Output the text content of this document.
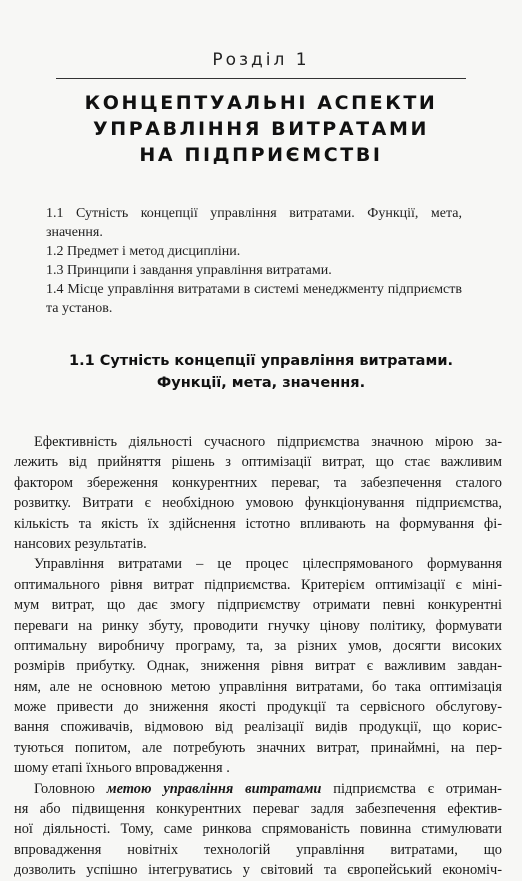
Розділ 1
КОНЦЕПТУАЛЬНІ АСПЕКТИ
УПРАВЛІННЯ ВИТРАТАМИ
НА ПІДПРИЄМСТВІ
1.1 Сутність концепції управління витратами. Функції, мета, значення.
1.2 Предмет і метод дисципліни.
1.3 Принципи і завдання управління витратами.
1.4 Місце управління витратами в системі менеджменту підприємств та установ.
1.1 Сутність концепції управління витратами.
Функції, мета, значення.
Ефективність діяльності сучасного підприємства значною мірою за-
лежить від прийняття рішень з оптимізації витрат, що стає важливим
фактором збереження конкурентних переваг, та забезпечення сталого
розвитку. Витрати є необхідною умовою функціонування підприємства,
кількість та якість їх здійснення істотно впливають на формування фі-
нансових результатів.
Управління витратами – це процес цілеспрямованого формування
оптимального рівня витрат підприємства. Критерієм оптимізації є міні-
мум витрат, що дає змогу підприємству отримати певні конкурентні
переваги на ринку збуту, проводити гнучку цінову політику, формувати
оптимальну виробничу програму, та, за різних умов, досягти високих
розмірів прибутку. Однак, зниження рівня витрат є важливим завдан-
ням, але не основною метою управління витратами, бо така оптимізація
може привести до зниження якості продукції та сервісного обслугову-
вання споживачів, відмовою від реалізації видів продукції, що корис-
туються попитом, але потребують значних витрат, принаймні, на пер-
шому етапі їхнього впровадження .
Головною метою управління витратами підприємства є отриман-
ня або підвищення конкурентних переваг задля забезпечення ефектив-
ної діяльності. Тому, саме ринкова спрямованість повинна стимулювати
впровадження новітніх технологій управління витратами, що
дозволить успішно інтегруватись у світовий та європейський економіч-
